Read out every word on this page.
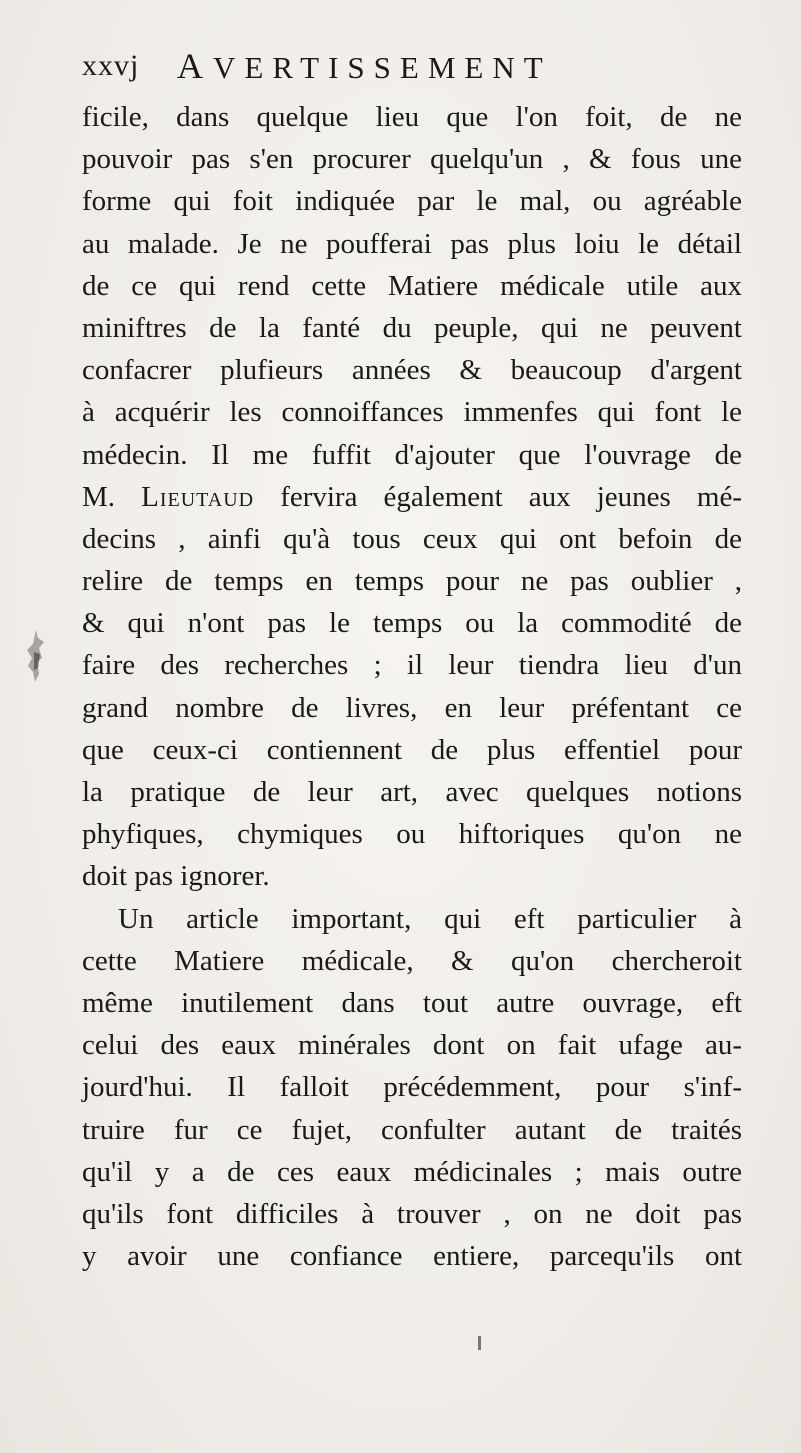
xxvj AVERTISSEMENT
ficile, dans quelque lieu que l'on foit, de ne
pouvoir pas s'en procurer quelqu'un , & fous une
forme qui foit indiquée par le mal, ou agréable
au malade. Je ne poufferai pas plus loiu le détail
de ce qui rend cette Matiere médicale utile aux
miniftres de la fanté du peuple, qui ne peuvent
confacrer plufieurs années & beaucoup d'argent
à acquérir les connoiffances immenfes qui font le
médecin. Il me fuffit d'ajouter que l'ouvrage de
M. Lieutaud fervira également aux jeunes mé-
decins , ainfi qu'à tous ceux qui ont befoin de
relire de temps en temps pour ne pas oublier ,
& qui n'ont pas le temps ou la commodité de
faire des recherches ; il leur tiendra lieu d'un
grand nombre de livres, en leur préfentant ce
que ceux-ci contiennent de plus effentiel pour
la pratique de leur art, avec quelques notions
phyfiques, chymiques ou hiftoriques qu'on ne
doit pas ignorer.
Un article important, qui eft particulier à
cette Matiere médicale, & qu'on chercheroit
même inutilement dans tout autre ouvrage, eft
celui des eaux minérales dont on fait ufage au-
jourd'hui. Il falloit précédemment, pour s'inf-
truire fur ce fujet, confulter autant de traités
qu'il y a de ces eaux médicinales ; mais outre
qu'ils font difficiles à trouver , on ne doit pas
y avoir une confiance entiere, parcequ'ils ont
